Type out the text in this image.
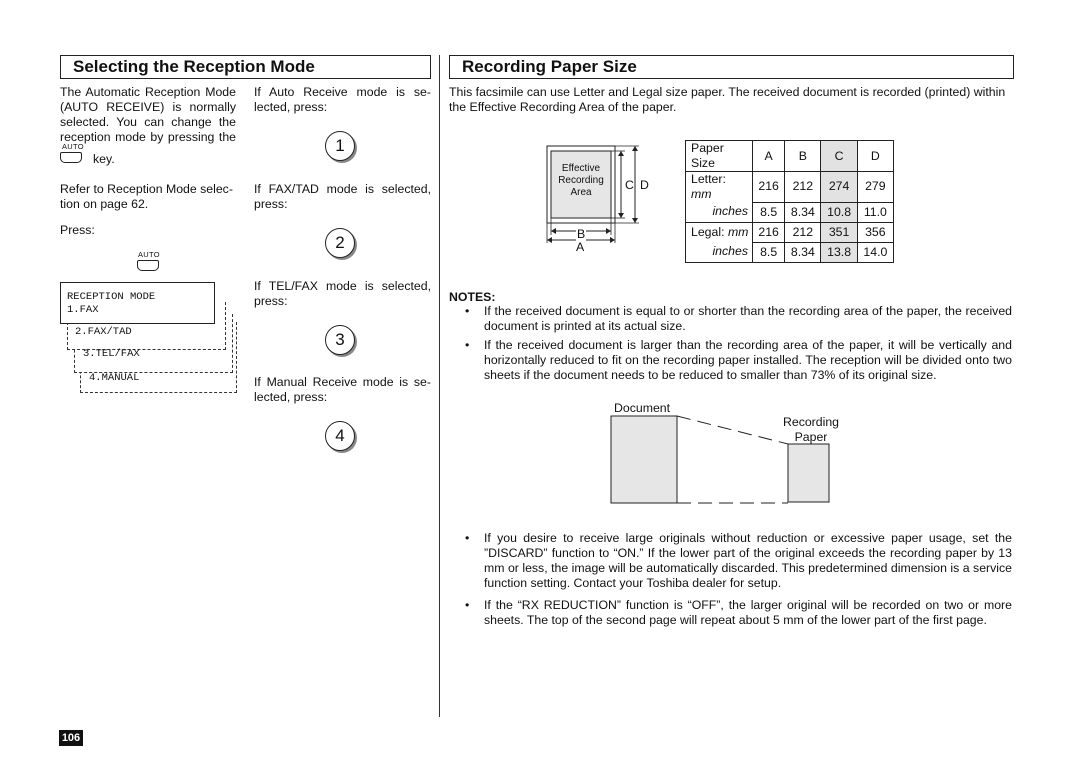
Selecting the Reception Mode
The Automatic Reception Mode
(AUTO RECEIVE) is normally
selected. You can change the
reception mode by pressing the
AUTO
key.
Refer to Reception Mode selec-
tion on page 62.
Press:
AUTO
RECEPTION MODE
1.FAX
2.FAX/TAD
3.TEL/FAX
4.MANUAL
If Auto Receive mode is se-
lected, press:
1
If FAX/TAD mode is selected,
press:
2
If TEL/FAX mode is selected,
press:
3
If Manual Receive mode is se-
lected, press:
4
Recording Paper Size
This facsimile can use Letter and Legal size paper. The received document is recorded (printed) within
the Effective Recording Area of the paper.
Effective
Recording
Area
C D
B
A
Paper Size	A	B	C	D
Letter: mm	216	212	274	279
inches	8.5	8.34	10.8	11.0
Legal: mm	216	212	351	356
inches	8.5	8.34	13.8	14.0
NOTES:
• If the received document is equal to or shorter than the recording area of the paper, the received
document is printed at its actual size.
• If the received document is larger than the recording area of the paper, it will be vertically and
horizontally reduced to fit on the recording paper installed. The reception will be divided onto two
sheets if the document needs to be reduced to smaller than 73% of its original size.
Document
Recording
Paper
• If you desire to receive large originals without reduction or excessive paper usage, set the
”DISCARD” function to “ON.” If the lower part of the original exceeds the recording paper by 13
mm or less, the image will be automatically discarded. This predetermined dimension is a service
function setting. Contact your Toshiba dealer for setup.
• If the “RX REDUCTION” function is “OFF”, the larger original will be recorded on two or more
sheets. The top of the second page will repeat about 5 mm of the lower part of the first page.
106
